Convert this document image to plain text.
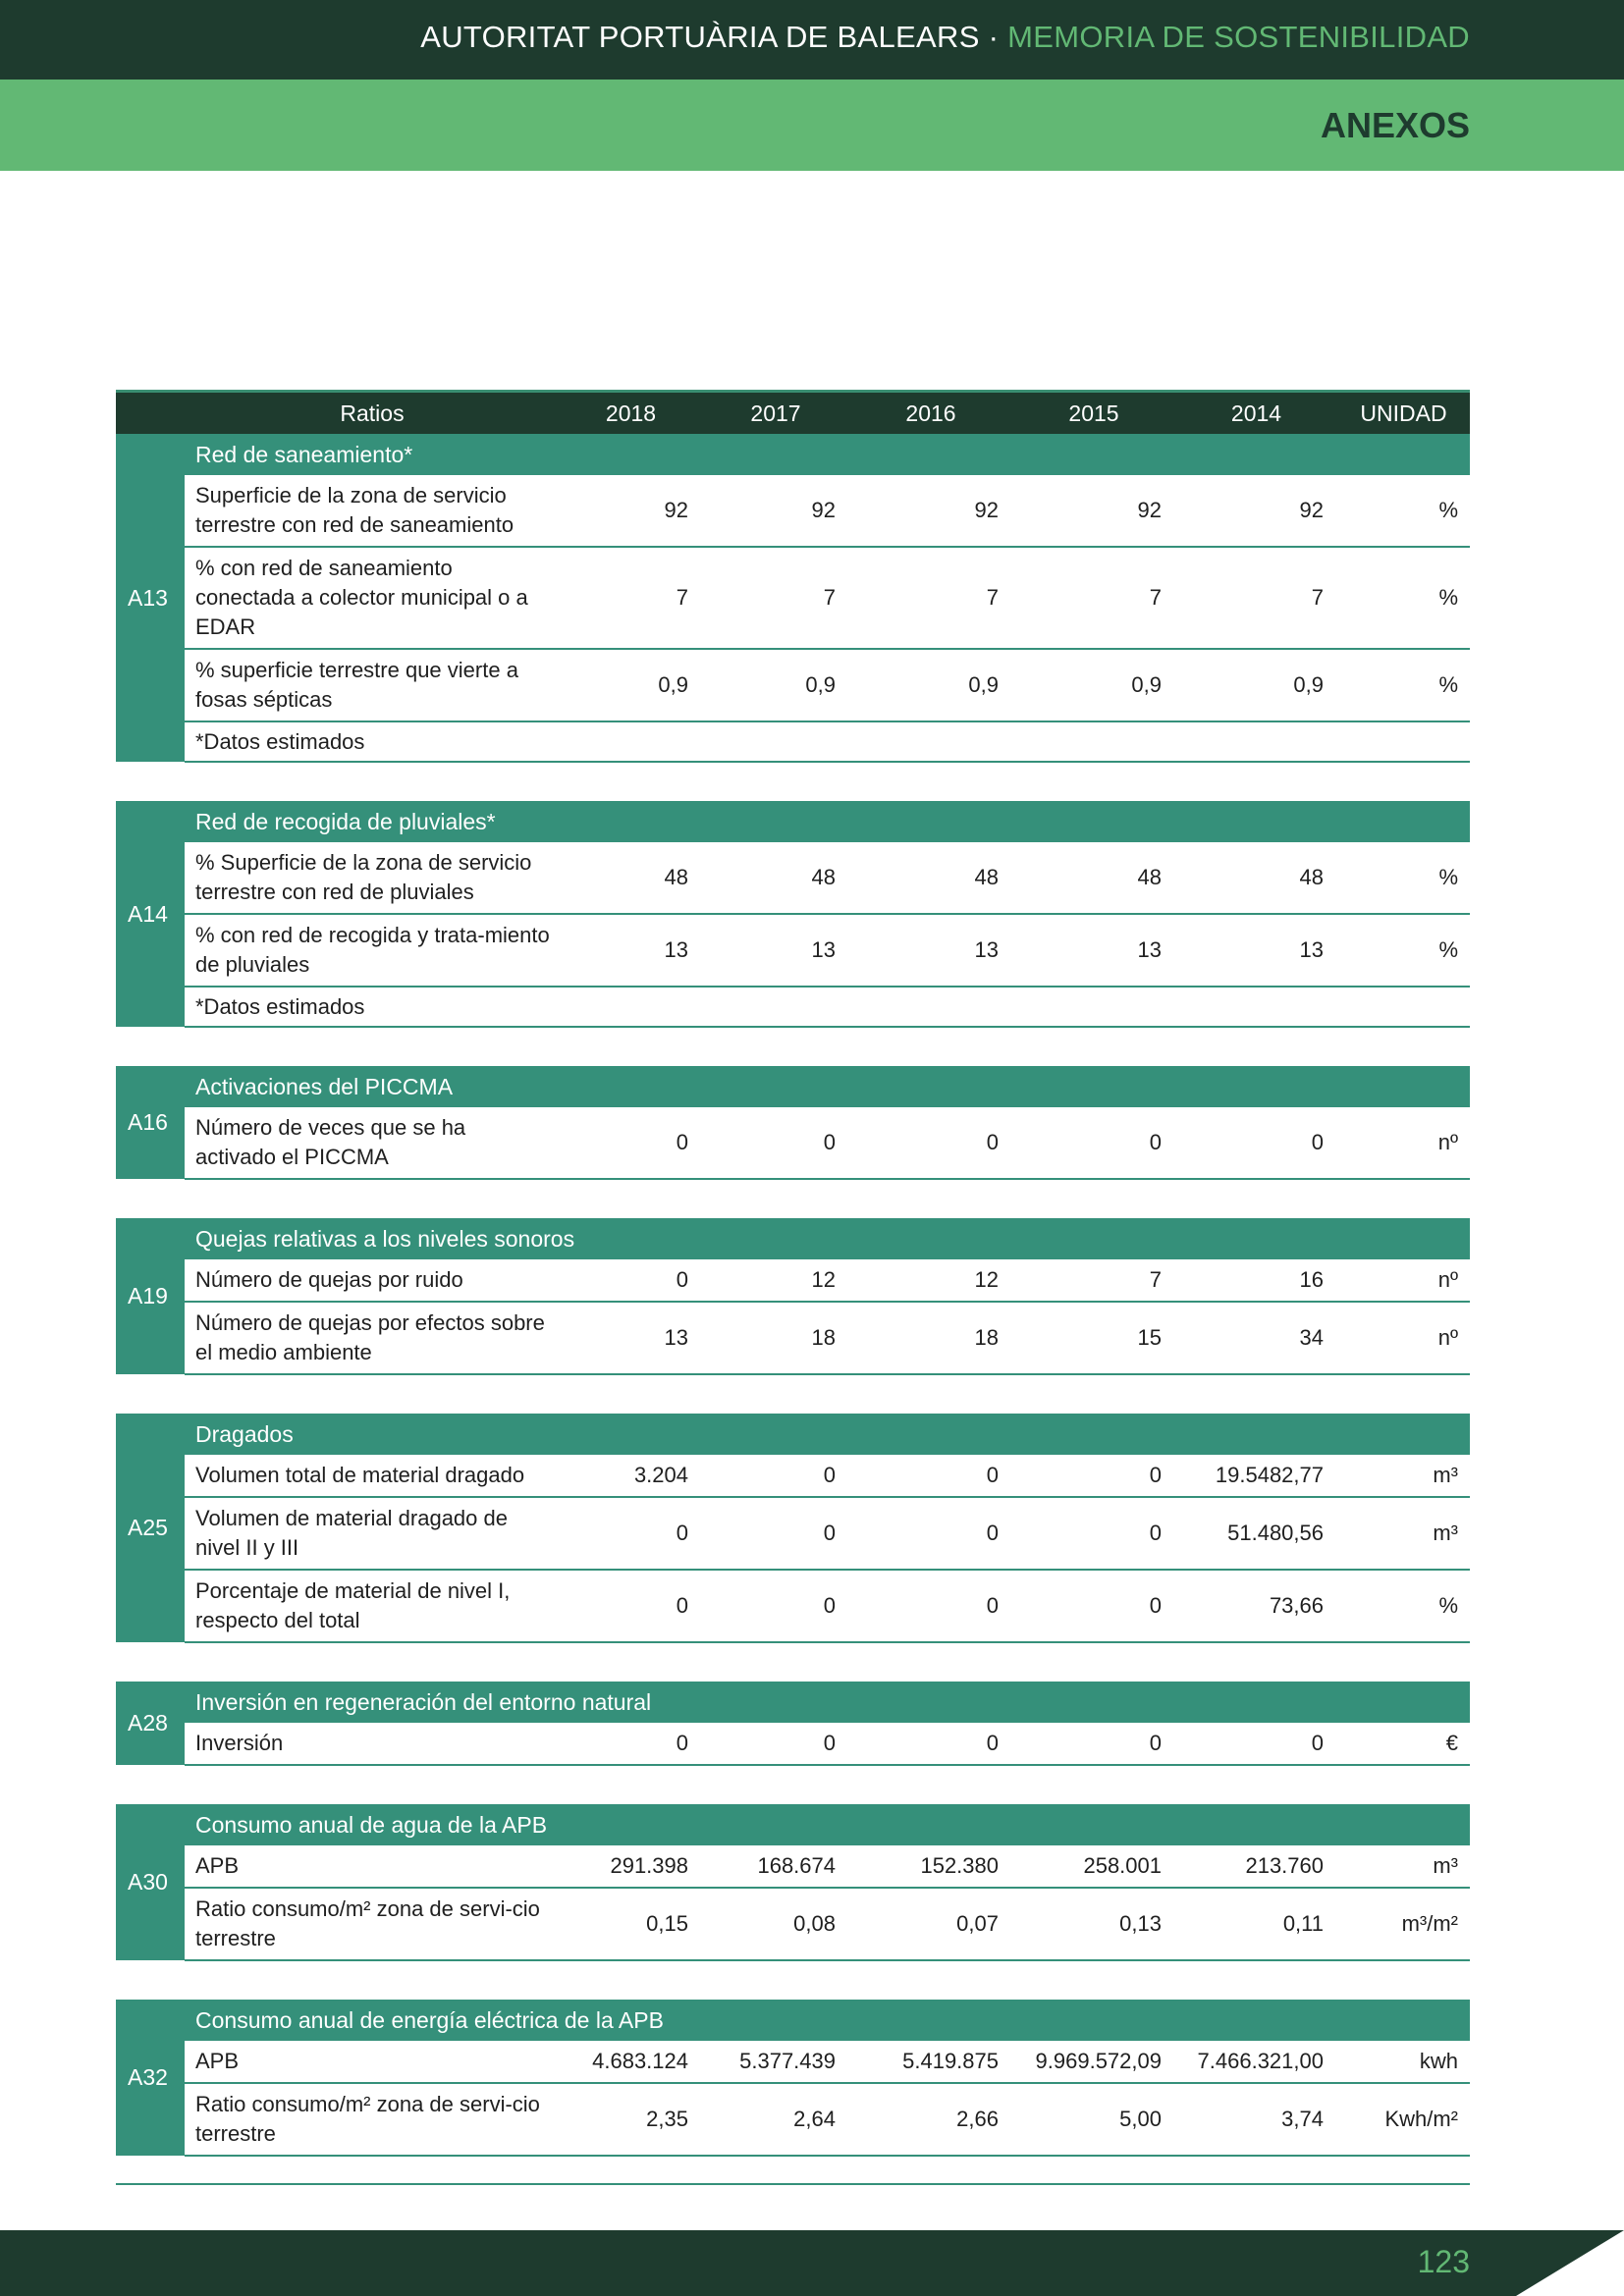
AUTORITAT PORTUÀRIA DE BALEARS · MEMORIA DE SOSTENIBILIDAD
ANEXOS
	Ratios	2018	2017	2016	2015	2014	UNIDAD
A13	Red de saneamiento*						
	Superficie de la zona de servicio terrestre con red de saneamiento	92	92	92	92	92	%
	% con red de saneamiento conectada a colector municipal o a EDAR	7	7	7	7	7	%
	% superficie terrestre que vierte a fosas sépticas	0,9	0,9	0,9	0,9	0,9	%
	*Datos estimados						

A14	Red de recogida de pluviales*						
	% Superficie de la zona de servicio terrestre con red de pluviales	48	48	48	48	48	%
	% con red de recogida y trata-miento de pluviales	13	13	13	13	13	%
	*Datos estimados						

A16	Activaciones del PICCMA						
	Número de veces que se ha activado el PICCMA	0	0	0	0	0	nº

A19	Quejas relativas a los niveles sonoros						
	Número de quejas por ruido	0	12	12	7	16	nº
	Número de quejas por efectos sobre el medio ambiente	13	18	18	15	34	nº

A25	Dragados						
	Volumen total de material dragado	3.204	0	0	0	19.5482,77	m³
	Volumen de material dragado de nivel II y III	0	0	0	0	51.480,56	m³
	Porcentaje de material de nivel I, respecto del total	0	0	0	0	73,66	%

A28	Inversión en regeneración del entorno natural						
	Inversión	0	0	0	0	0	€

A30	Consumo anual de agua de la APB						
	APB	291.398	168.674	152.380	258.001	213.760	m³
	Ratio consumo/m² zona de servi-cio terrestre	0,15	0,08	0,07	0,13	0,11	m³/m²

A32	Consumo anual de energía eléctrica de la APB						
	APB	4.683.124	5.377.439	5.419.875	9.969.572,09	7.466.321,00	kwh
	Ratio consumo/m² zona de servi-cio terrestre	2,35	2,64	2,66	5,00	3,74	Kwh/m²
123
